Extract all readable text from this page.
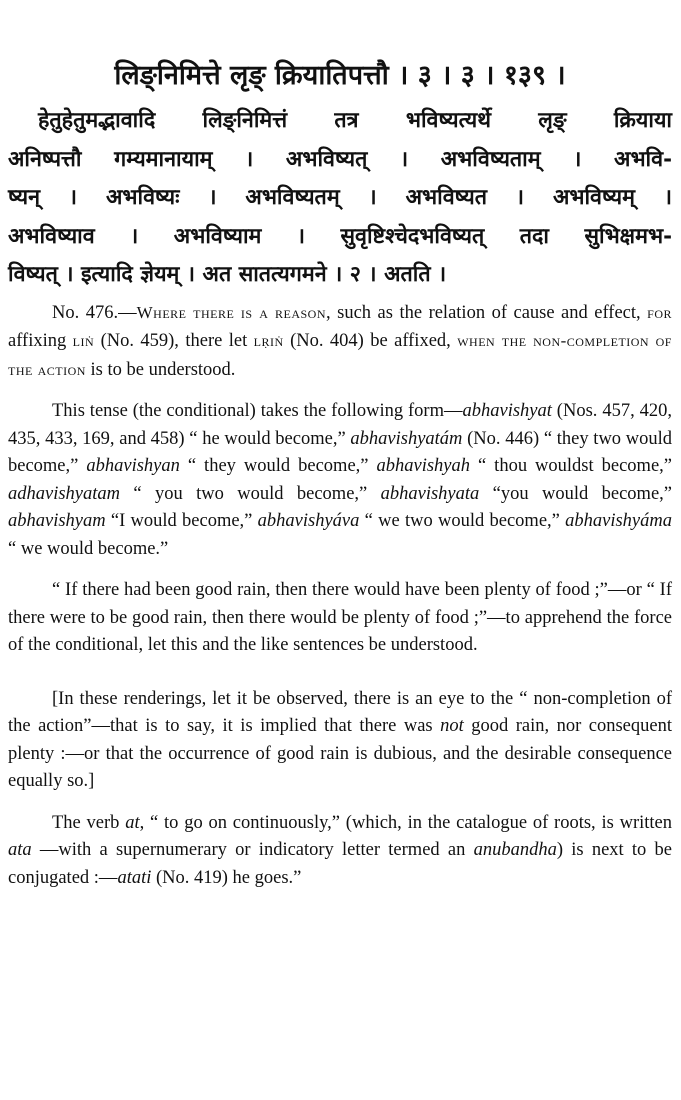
लिङ्निमित्ते लृङ् क्रियातिपत्तौ । ३ । ३ । १३९ ।
हेतुहेतुमद्भावादि लिङ्निमित्तं तत्र भविष्यत्यर्थे लृङ् क्रियाया
अनिष्पत्तौ गम्यमानायाम् । अभविष्यत् । अभविष्यताम् । अभवि-
ष्यन् । अभविष्यः । अभविष्यतम् । अभविष्यत । अभविष्यम् ।
अभविष्याव । अभविष्याम । सुवृष्टिश्चेदभविष्यत् तदा सुभिक्षमभ-
विष्यत् । इत्यादि ज्ञेयम् । अत सातत्यगमने । २ । अतति ।

No. 476.—Where there is a reason, such as the relation of cause and effect, for affixing liṅ (No. 459), there let lṛiṅ (No. 404) be affixed, when the non-completion of the action is to be understood.

This tense (the conditional) takes the following form—abhavishyat (Nos. 457, 420, 435, 433, 169, and 458) “ he would become,” abhavishyatám (No. 446) “ they two would become,” abhavishyan “ they would become,” abhavishyah “ thou wouldst become,” adhavishyatam “ you two would become,” abhavishyata “you would become,” abhavishyam “I would become,” abhavishyáva “ we two would become,” abhavishyáma “ we would become.”

“ If there had been good rain, then there would have been plenty of food ;”—or “ If there were to be good rain, then there would be plenty of food ;”—to apprehend the force of the conditional, let this and the like sentences be understood.

[In these renderings, let it be observed, there is an eye to the “ non-completion of the action”—that is to say, it is implied that there was not good rain, nor consequent plenty :—or that the occurrence of good rain is dubious, and the desirable consequence equally so.]

The verb at, “ to go on continuously,” (which, in the catalogue of roots, is written ata —with a supernumerary or indicatory letter termed an anubandha) is next to be conjugated :—atati (No. 419) he goes.”
